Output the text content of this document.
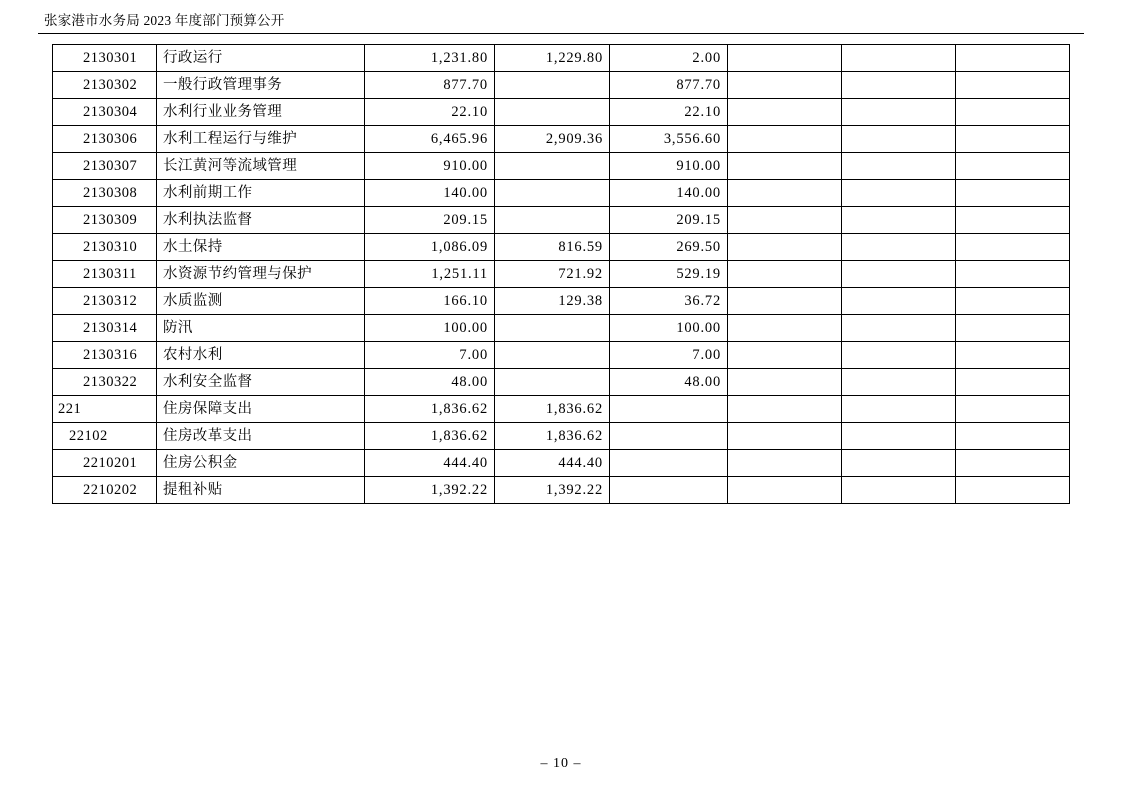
张家港市水务局 2023 年度部门预算公开
2130301	行政运行	1,231.80	1,229.80	2.00			
2130302	一般行政管理事务	877.70		877.70			
2130304	水利行业业务管理	22.10		22.10			
2130306	水利工程运行与维护	6,465.96	2,909.36	3,556.60			
2130307	长江黄河等流域管理	910.00		910.00			
2130308	水利前期工作	140.00		140.00			
2130309	水利执法监督	209.15		209.15			
2130310	水土保持	1,086.09	816.59	269.50			
2130311	水资源节约管理与保护	1,251.11	721.92	529.19			
2130312	水质监测	166.10	129.38	36.72			
2130314	防汛	100.00		100.00			
2130316	农村水利	7.00		7.00			
2130322	水利安全监督	48.00		48.00			
221	住房保障支出	1,836.62	1,836.62				
22102	住房改革支出	1,836.62	1,836.62				
2210201	住房公积金	444.40	444.40				
2210202	提租补贴	1,392.22	1,392.22				
– 10 –
